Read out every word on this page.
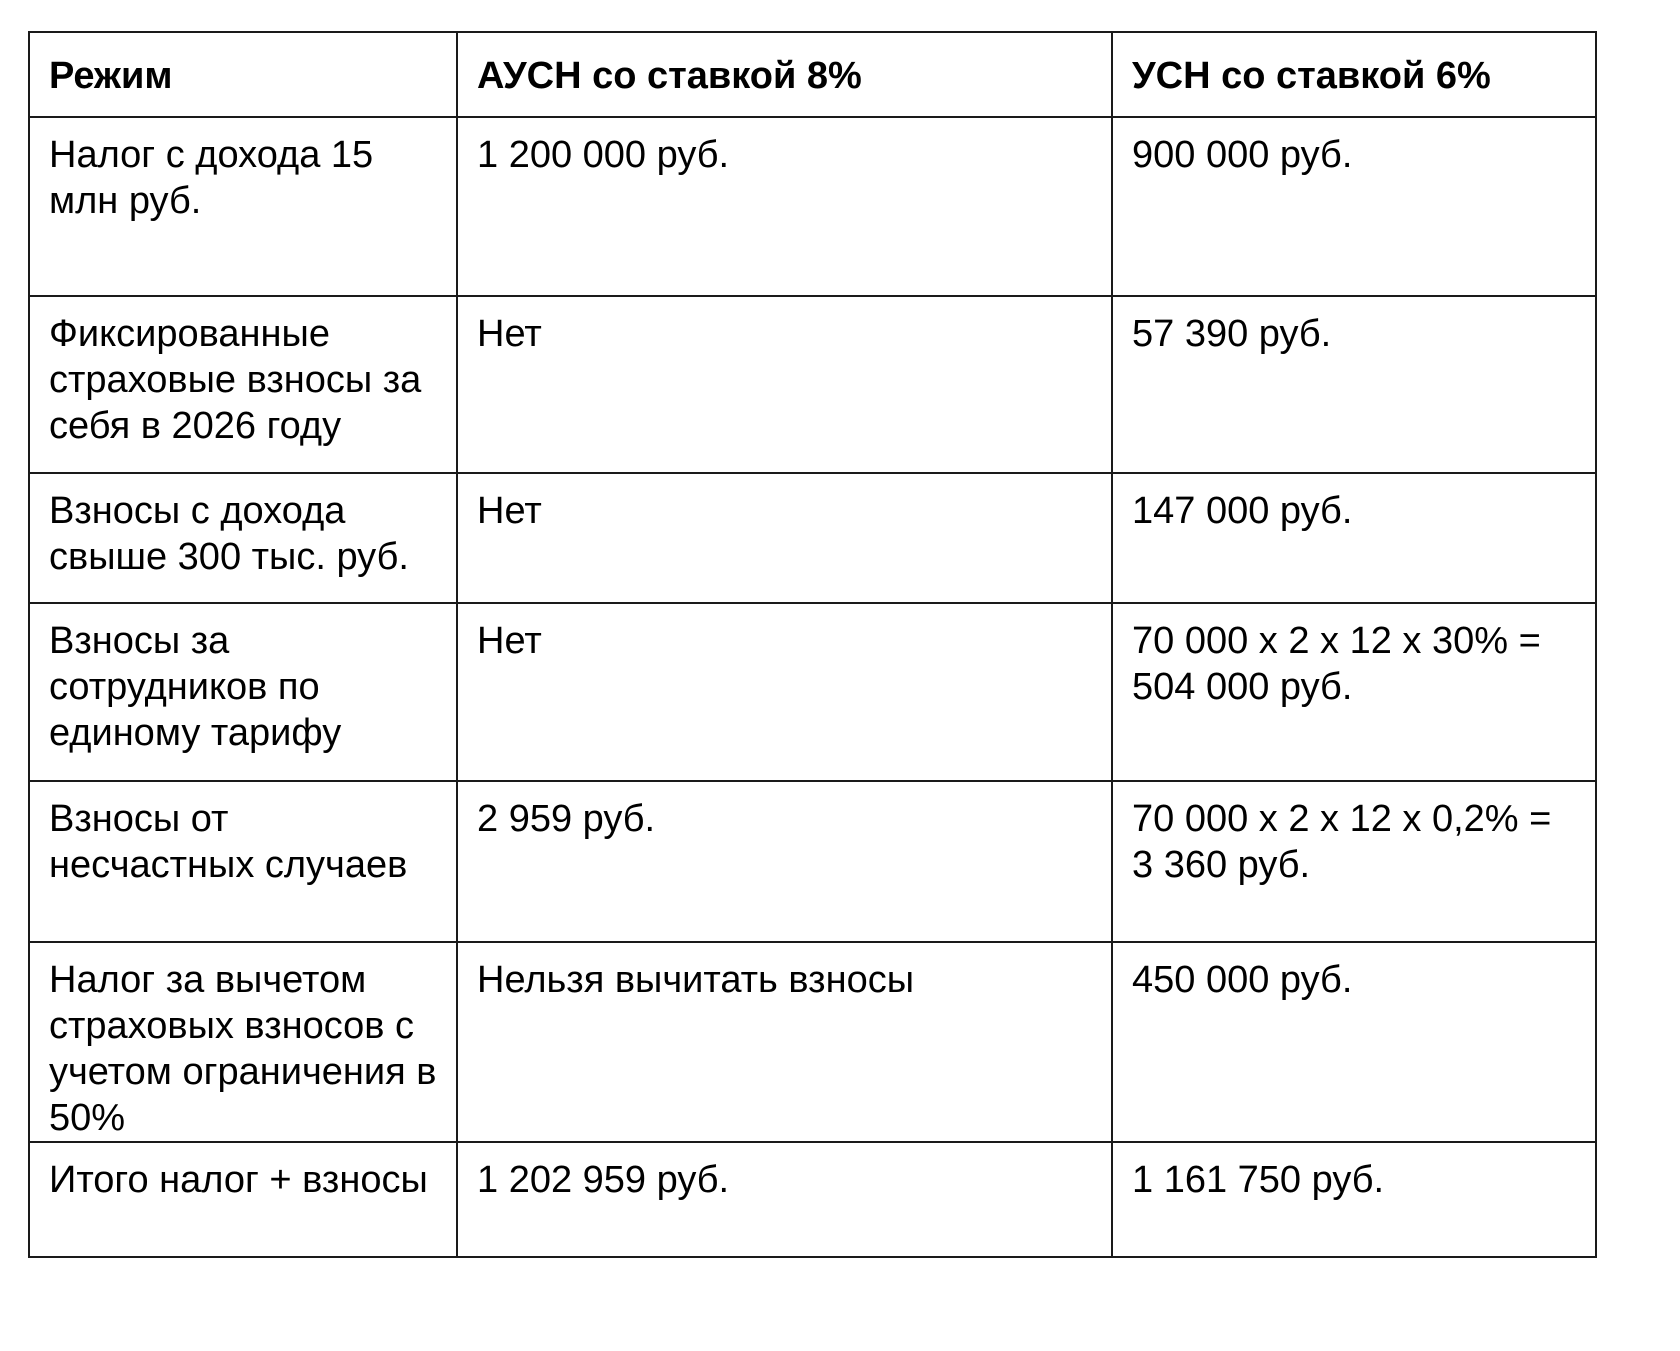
Режим	АУСН со ставкой 8%	УСН со ставкой 6%
Налог с дохода 15 млн руб.	1 200 000 руб.	900 000 руб.
Фиксированные страховые взносы за себя в 2026 году	Нет	57 390 руб.
Взносы с дохода свыше 300 тыс. руб.	Нет	147 000 руб.
Взносы за сотрудников по единому тарифу	Нет	70 000 х 2 х 12 х 30% = 504 000 руб.
Взносы от несчастных случаев	2 959 руб.	70 000 х 2 х 12 х 0,2% = 3 360 руб.
Налог за вычетом страховых взносов с учетом ограничения в 50%	Нельзя вычитать взносы	450 000 руб.
Итого налог + взносы	1 202 959 руб.	1 161 750 руб.
